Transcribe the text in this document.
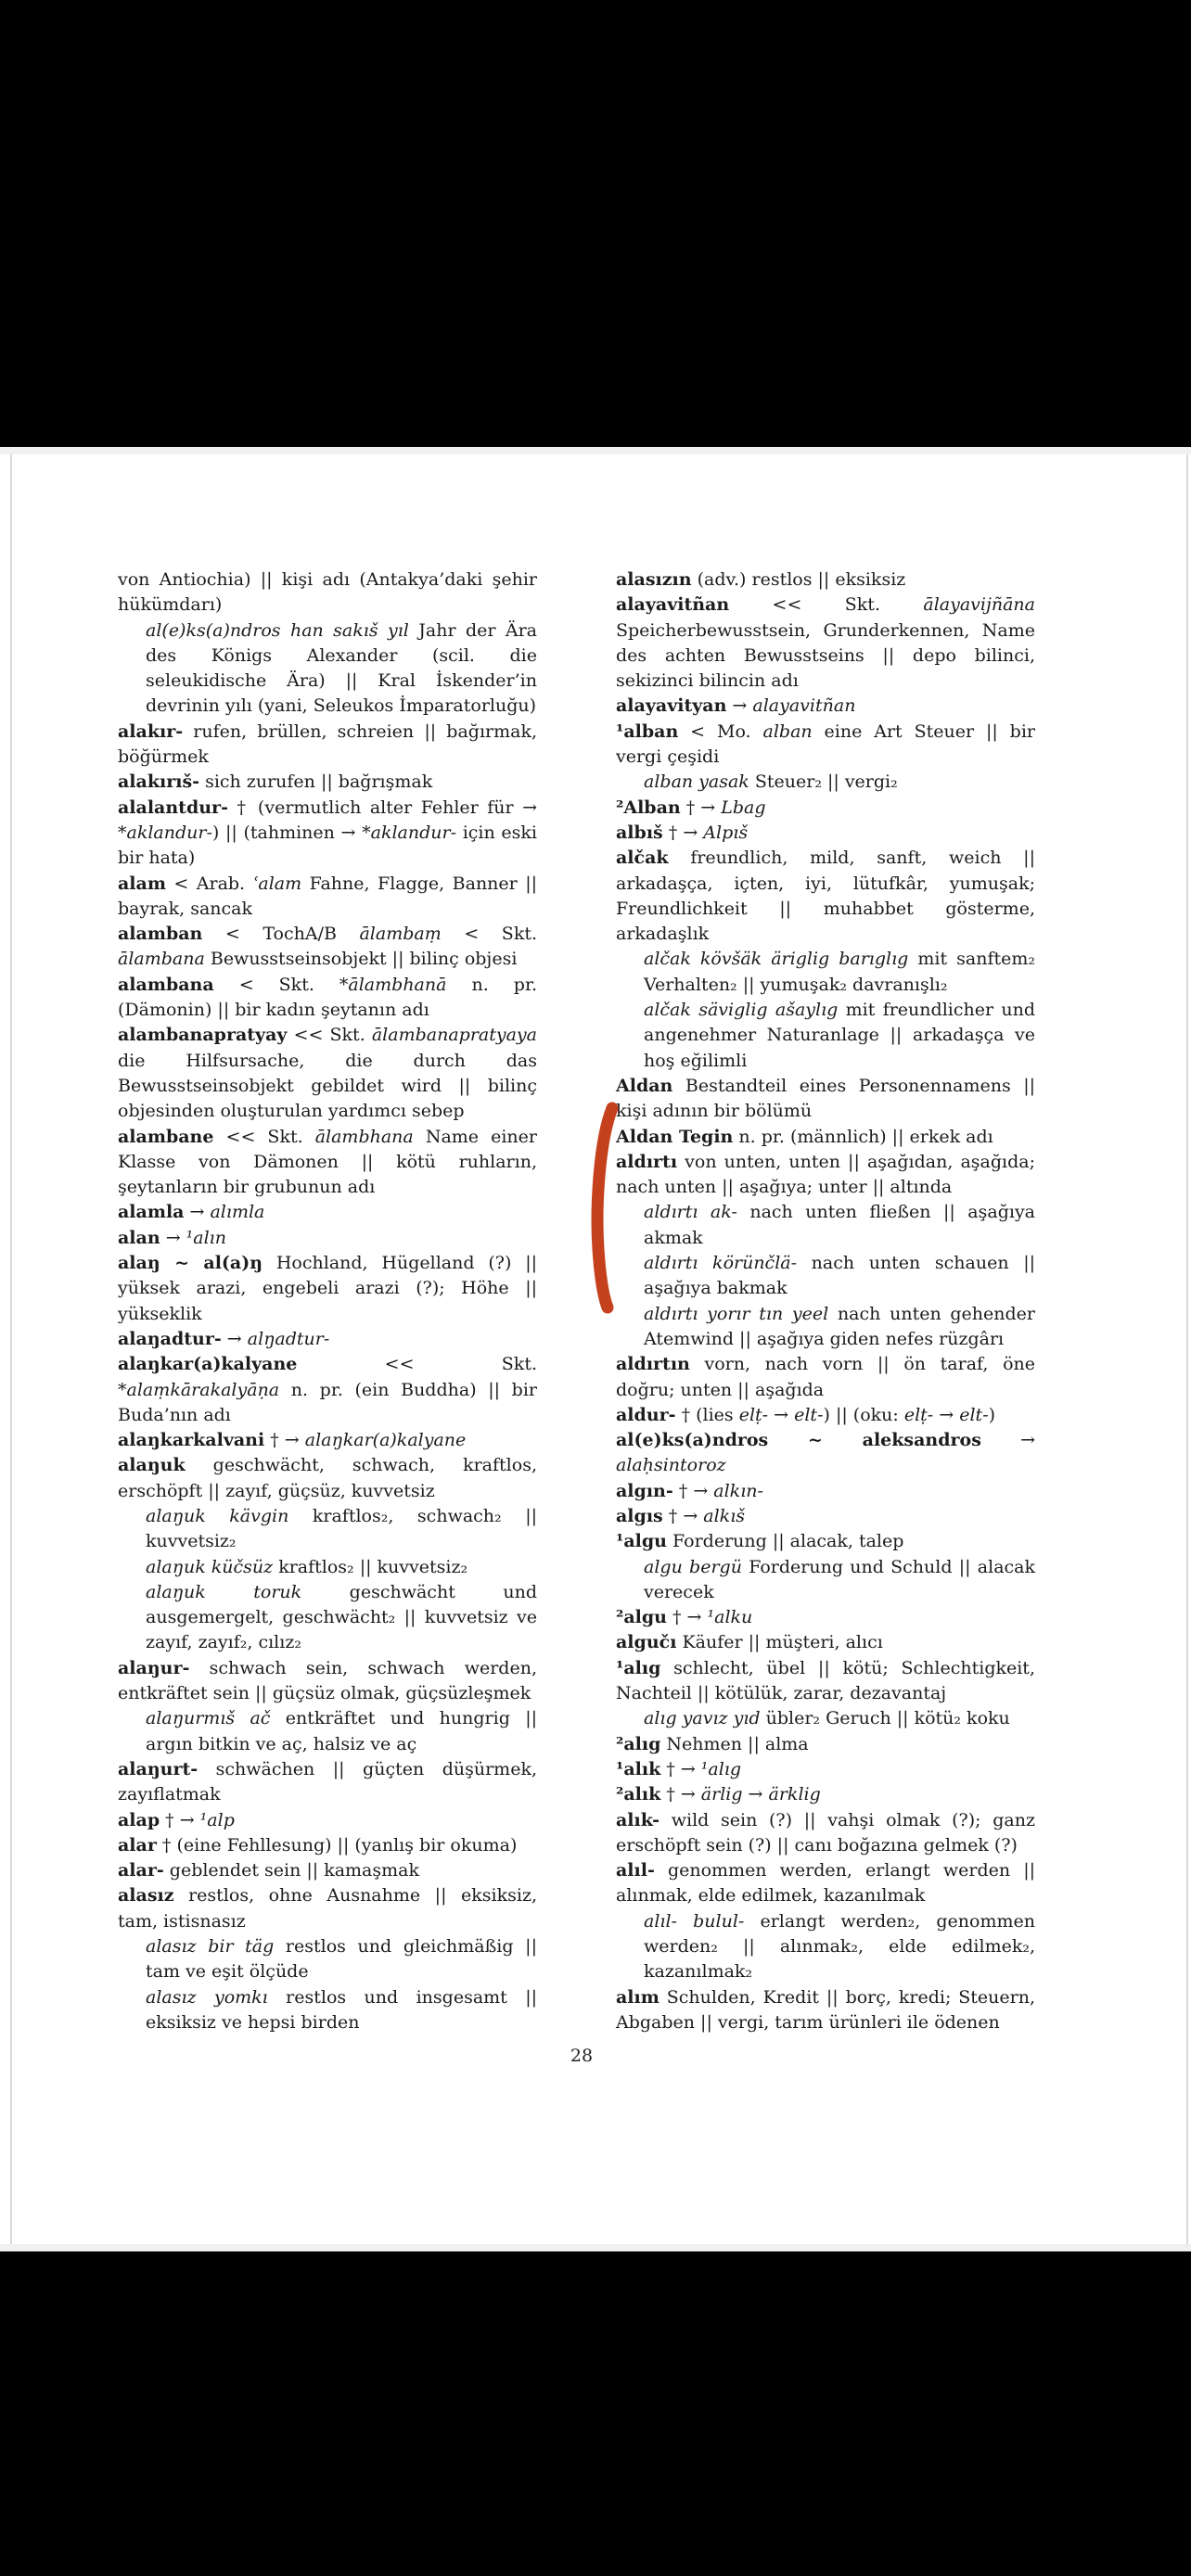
von Antiochia) || kişi adı (Antakya’daki şehir hükümdarı)

al(e)ks(a)ndros han sakıš yıl Jahr der Ära des Königs Alexander (scil. die seleukidische Ära) || Kral İskender’in devrinin yılı (yani, Seleukos İmparatorluğu)

alakır- rufen, brüllen, schreien || bağırmak, böğürmek

alakırıš- sich zurufen || bağrışmak

alalantdur- † (vermutlich alter Fehler für → *aklandur-) || (tahminen → *aklandur- için eski bir hata)

alam < Arab. ʿalam Fahne, Flagge, Banner || bayrak, sancak

alamban < TochA/B ālambaṃ < Skt. ālambana Bewusstseinsobjekt || bilinç objesi

alambana < Skt. *ālambhanā n. pr. (Dämonin) || bir kadın şeytanın adı

alambanapratyay << Skt. ālambanapratyaya die Hilfsursache, die durch das Bewusstseinsobjekt gebildet wird || bilinç objesinden oluşturulan yardımcı sebep

alambane << Skt. ālambhana Name einer Klasse von Dämonen || kötü ruhların, şeytanların bir grubunun adı

alamla → alımla

alan → ¹alın

alaŋ ~ al(a)ŋ Hochland, Hügelland (?) || yüksek arazi, engebeli arazi (?); Höhe || yükseklik

alaŋadtur- → alŋadtur-

alaŋkar(a)kalyane << Skt. *alaṃkārakalyāṇa n. pr. (ein Buddha) || bir Buda’nın adı

alaŋkarkalvani † → alaŋkar(a)kalyane

alaŋuk geschwächt, schwach, kraftlos, erschöpft || zayıf, güçsüz, kuvvetsiz

alaŋuk kävgin kraftlos₂, schwach₂ || kuvvetsiz₂

alaŋuk küčsüz kraftlos₂ || kuvvetsiz₂

alaŋuk toruk geschwächt und ausgemergelt, geschwächt₂ || kuvvetsiz ve zayıf, zayıf₂, cılız₂

alaŋur- schwach sein, schwach werden, entkräftet sein || güçsüz olmak, güçsüzleşmek

alaŋurmıš ač entkräftet und hungrig || argın bitkin ve aç, halsiz ve aç

alaŋurt- schwächen || güçten düşürmek, zayıflatmak

alap † → ¹alp

alar † (eine Fehllesung) || (yanlış bir okuma)

alar- geblendet sein || kamaşmak

alasız restlos, ohne Ausnahme || eksiksiz, tam, istisnasız

alasız bir täg restlos und gleichmäßig || tam ve eşit ölçüde

alasız yomkı restlos und insgesamt || eksiksiz ve hepsi birden

alasızın (adv.) restlos || eksiksiz

alayavitñan << Skt. ālayavijñāna Speicherbewusstsein, Grunderkennen, Name des achten Bewusstseins || depo bilinci, sekizinci bilincin adı

alayavityan → alayavitñan

¹alban < Mo. alban eine Art Steuer || bir vergi çeşidi

alban yasak Steuer₂ || vergi₂

²Alban † → Lbag

albıš † → Alpıš

alčak freundlich, mild, sanft, weich || arkadaşça, içten, iyi, lütufkâr, yumuşak; Freundlichkeit || muhabbet gösterme, arkadaşlık

alčak kövšäk äriglig barıglıg mit sanftem₂ Verhalten₂ || yumuşak₂ davranışlı₂

alčak säviglig ašaylıg mit freundlicher und angenehmer Naturanlage || arkadaşça ve hoş eğilimli

Aldan Bestandteil eines Personennamens || kişi adının bir bölümü

Aldan Tegin n. pr. (männlich) || erkek adı

aldırtı von unten, unten || aşağıdan, aşağıda; nach unten || aşağıya; unter || altında

aldırtı ak- nach unten fließen || aşağıya akmak

aldırtı körünčlä- nach unten schauen || aşağıya bakmak

aldırtı yorır tın yeel nach unten gehender Atemwind || aşağıya giden nefes rüzgârı

aldırtın vorn, nach vorn || ön taraf, öne doğru; unten || aşağıda

aldur- † (lies elṭ- → elt-) || (oku: elṭ- → elt-)

al(e)ks(a)ndros ~ aleksandros → alaḥsintoroz

algın- † → alkın-

algıs † → alkıš

¹algu Forderung || alacak, talep

algu bergü Forderung und Schuld || alacak verecek

²algu † → ¹alku

algučı Käufer || müşteri, alıcı

¹alıg schlecht, übel || kötü; Schlechtigkeit, Nachteil || kötülük, zarar, dezavantaj

alıg yavız yıd übler₂ Geruch || kötü₂ koku

²alıg Nehmen || alma

¹alık † → ¹alıg

²alık † → ärlig → ärklig

alık- wild sein (?) || vahşi olmak (?); ganz erschöpft sein (?) || canı boğazına gelmek (?)

alıl- genommen werden, erlangt werden || alınmak, elde edilmek, kazanılmak

alıl- bulul- erlangt werden₂, genommen werden₂ || alınmak₂, elde edilmek₂, kazanılmak₂

alım Schulden, Kredit || borç, kredi; Steuern, Abgaben || vergi, tarım ürünleri ile ödenen

28
